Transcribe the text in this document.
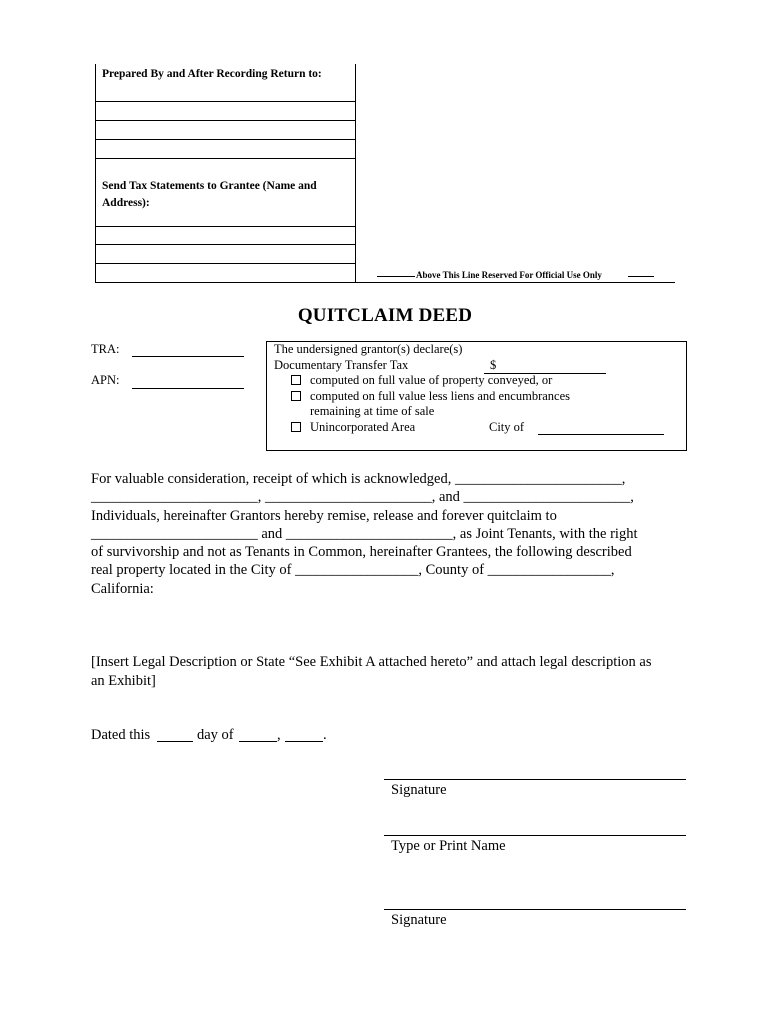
Prepared By and After Recording Return to:
Send Tax Statements to Grantee (Name and Address):
Above This Line Reserved For Official Use Only
QUITCLAIM DEED
TRA:
APN:
The undersigned grantor(s) declare(s)
Documentary Transfer Tax	$
computed on full value of property conveyed, or
computed on full value less liens and encumbrances
remaining at time of sale
Unincorporated Area	City of
For valuable consideration, receipt of which is acknowledged, _______________________,
_______________________, _______________________, and _______________________,
Individuals, hereinafter Grantors hereby remise, release and forever quitclaim to
_______________________ and _______________________, as Joint Tenants, with the right
of survivorship and not as Tenants in Common, hereinafter Grantees, the following described
real property located in the City of _________________, County of _________________,
California:
[Insert Legal Description or State “See Exhibit A attached hereto” and attach legal description as
an Exhibit]
Dated this	day of	,	.
Signature
Type or Print Name
Signature
